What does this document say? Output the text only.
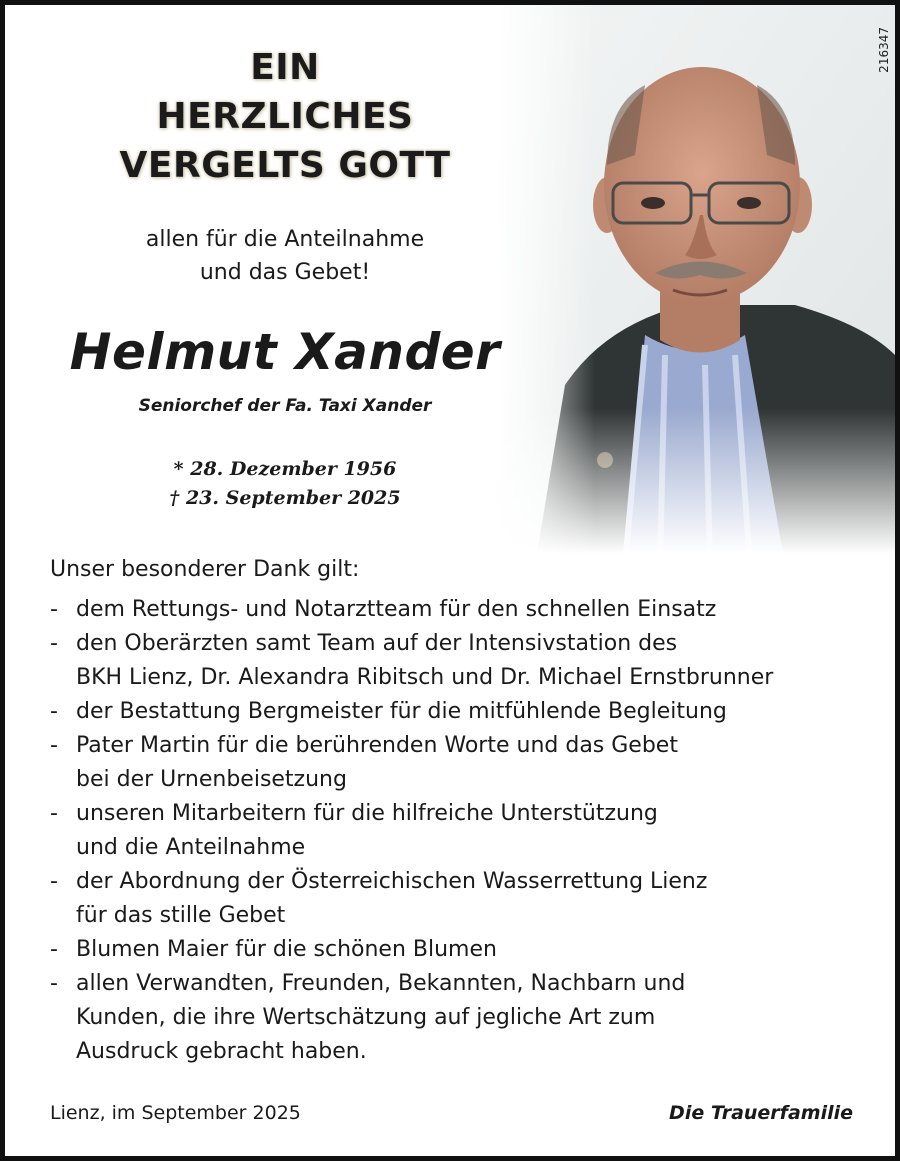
216347
EIN
HERZLICHES
VERGELTS GOTT
allen für die Anteilnahme
und das Gebet!
Helmut Xander
Seniorchef der Fa. Taxi Xander
* 28. Dezember 1956
† 23. September 2025
Unser besonderer Dank gilt:
- dem Rettungs- und Notarztteam für den schnellen Einsatz
- den Oberärzten samt Team auf der Intensivstation des
BKH Lienz, Dr. Alexandra Ribitsch und Dr. Michael Ernstbrunner
- der Bestattung Bergmeister für die mitfühlende Begleitung
- Pater Martin für die berührenden Worte und das Gebet
bei der Urnenbeisetzung
- unseren Mitarbeitern für die hilfreiche Unterstützung
und die Anteilnahme
- der Abordnung der Österreichischen Wasserrettung Lienz
für das stille Gebet
- Blumen Maier für die schönen Blumen
- allen Verwandten, Freunden, Bekannten, Nachbarn und
Kunden, die ihre Wertschätzung auf jegliche Art zum
Ausdruck gebracht haben.
Lienz, im September 2025	Die Trauerfamilie
